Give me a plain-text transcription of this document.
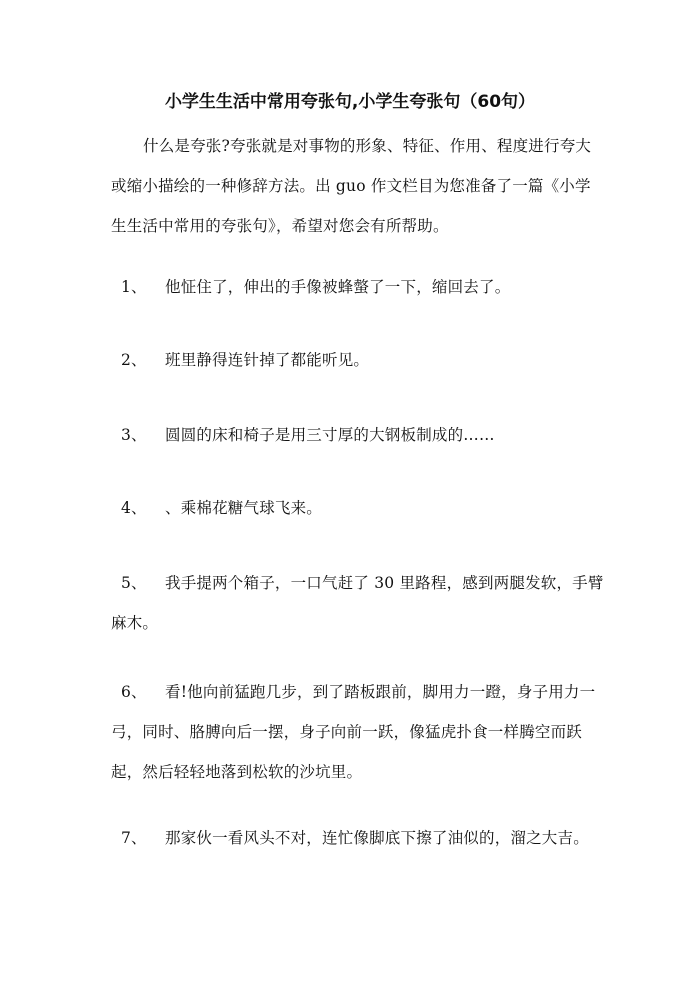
小学生生活中常用夸张句,小学生夸张句（60句）

什么是夸张?夸张就是对事物的形象、特征、作用、程度进行夸大或缩小描绘的一种修辞方法。出 guo 作文栏目为您准备了一篇《小学生生活中常用的夸张句》，希望对您会有所帮助。

1、 他怔住了，伸出的手像被蜂螫了一下，缩回去了。

2、 班里静得连针掉了都能听见。

3、 圆圆的床和椅子是用三寸厚的大钢板制成的……

4、 、乘棉花糖气球飞来。

5、 我手提两个箱子，一口气赶了 30 里路程，感到两腿发软，手臂麻木。

6、 看!他向前猛跑几步，到了踏板跟前，脚用力一蹬，身子用力一弓，同时、胳膊向后一摆，身子向前一跃，像猛虎扑食一样腾空而跃起，然后轻轻地落到松软的沙坑里。

7、 那家伙一看风头不对，连忙像脚底下擦了油似的，溜之大吉。
